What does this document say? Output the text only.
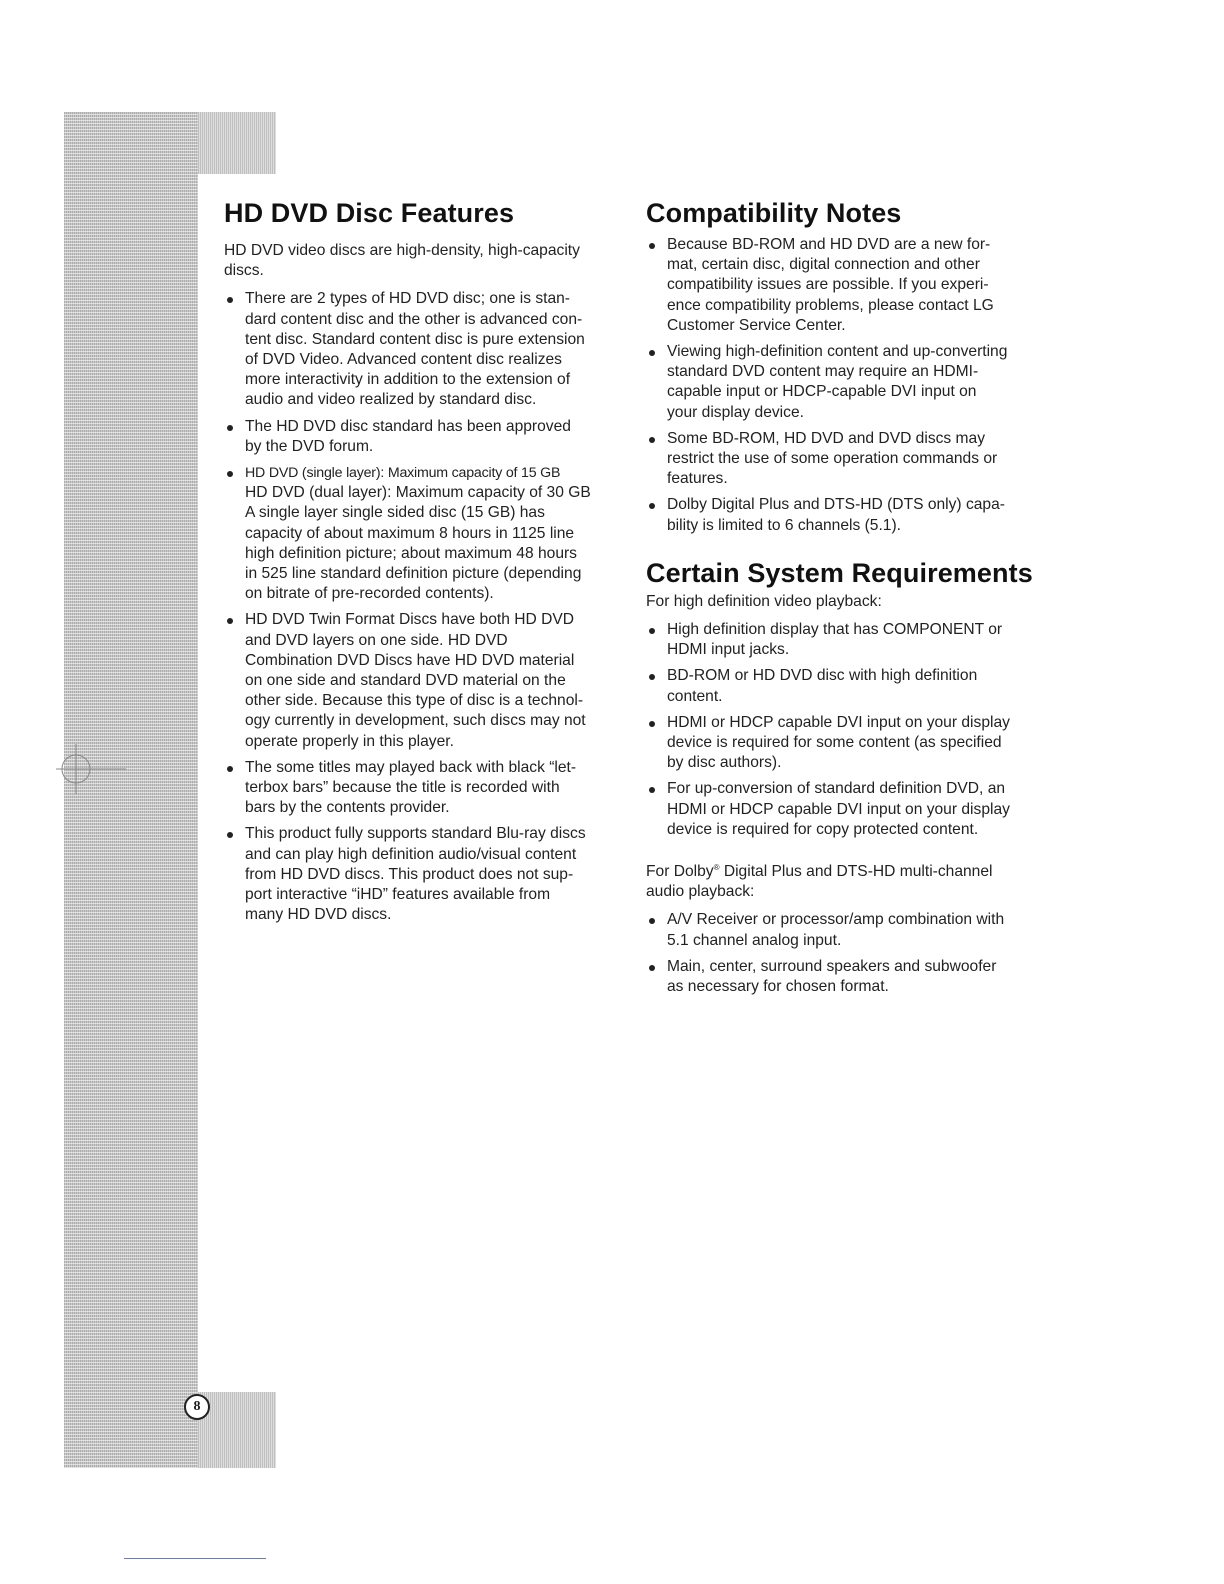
8
HD DVD Disc Features

HD DVD video discs are high-density, high-capacity
discs.

There are 2 types of HD DVD disc; one is stan-
dard content disc and the other is advanced con-
tent disc. Standard content disc is pure extension
of DVD Video. Advanced content disc realizes
more interactivity in addition to the extension of
audio and video realized by standard disc.
The HD DVD disc standard has been approved
by the DVD forum.
HD DVD (single layer): Maximum capacity of 15 GB
HD DVD (dual layer): Maximum capacity of 30 GB
A single layer single sided disc (15 GB) has
capacity of about maximum 8 hours in 1125 line
high definition picture; about maximum 48 hours
in 525 line standard definition picture (depending
on bitrate of pre-recorded contents).
HD DVD Twin Format Discs have both HD DVD
and DVD layers on one side. HD DVD
Combination DVD Discs have HD DVD material
on one side and standard DVD material on the
other side. Because this type of disc is a technol-
ogy currently in development, such discs may not
operate properly in this player.
The some titles may played back with black “let-
terbox bars” because the title is recorded with
bars by the contents provider.
This product fully supports standard Blu-ray discs
and can play high definition audio/visual content
from HD DVD discs. This product does not sup-
port interactive “iHD” features available from
many HD DVD discs.
Compatibility Notes
Because BD-ROM and HD DVD are a new for-
mat, certain disc, digital connection and other
compatibility issues are possible. If you experi-
ence compatibility problems, please contact LG
Customer Service Center.
Viewing high-definition content and up-converting
standard DVD content may require an HDMI-
capable input or HDCP-capable DVI input on
your display device.
Some BD-ROM, HD DVD and DVD discs may
restrict the use of some operation commands or
features.
Dolby Digital Plus and DTS-HD (DTS only) capa-
bility is limited to 6 channels (5.1).
Certain System Requirements

For high definition video playback:

High definition display that has COMPONENT or
HDMI input jacks.
BD-ROM or HD DVD disc with high definition
content.
HDMI or HDCP capable DVI input on your display
device is required for some content (as specified
by disc authors).
For up-conversion of standard definition DVD, an
HDMI or HDCP capable DVI input on your display
device is required for copy protected content.

For Dolby® Digital Plus and DTS-HD multi-channel
audio playback:

A/V Receiver or processor/amp combination with
5.1 channel analog input.
Main, center, surround speakers and subwoofer
as necessary for chosen format.
